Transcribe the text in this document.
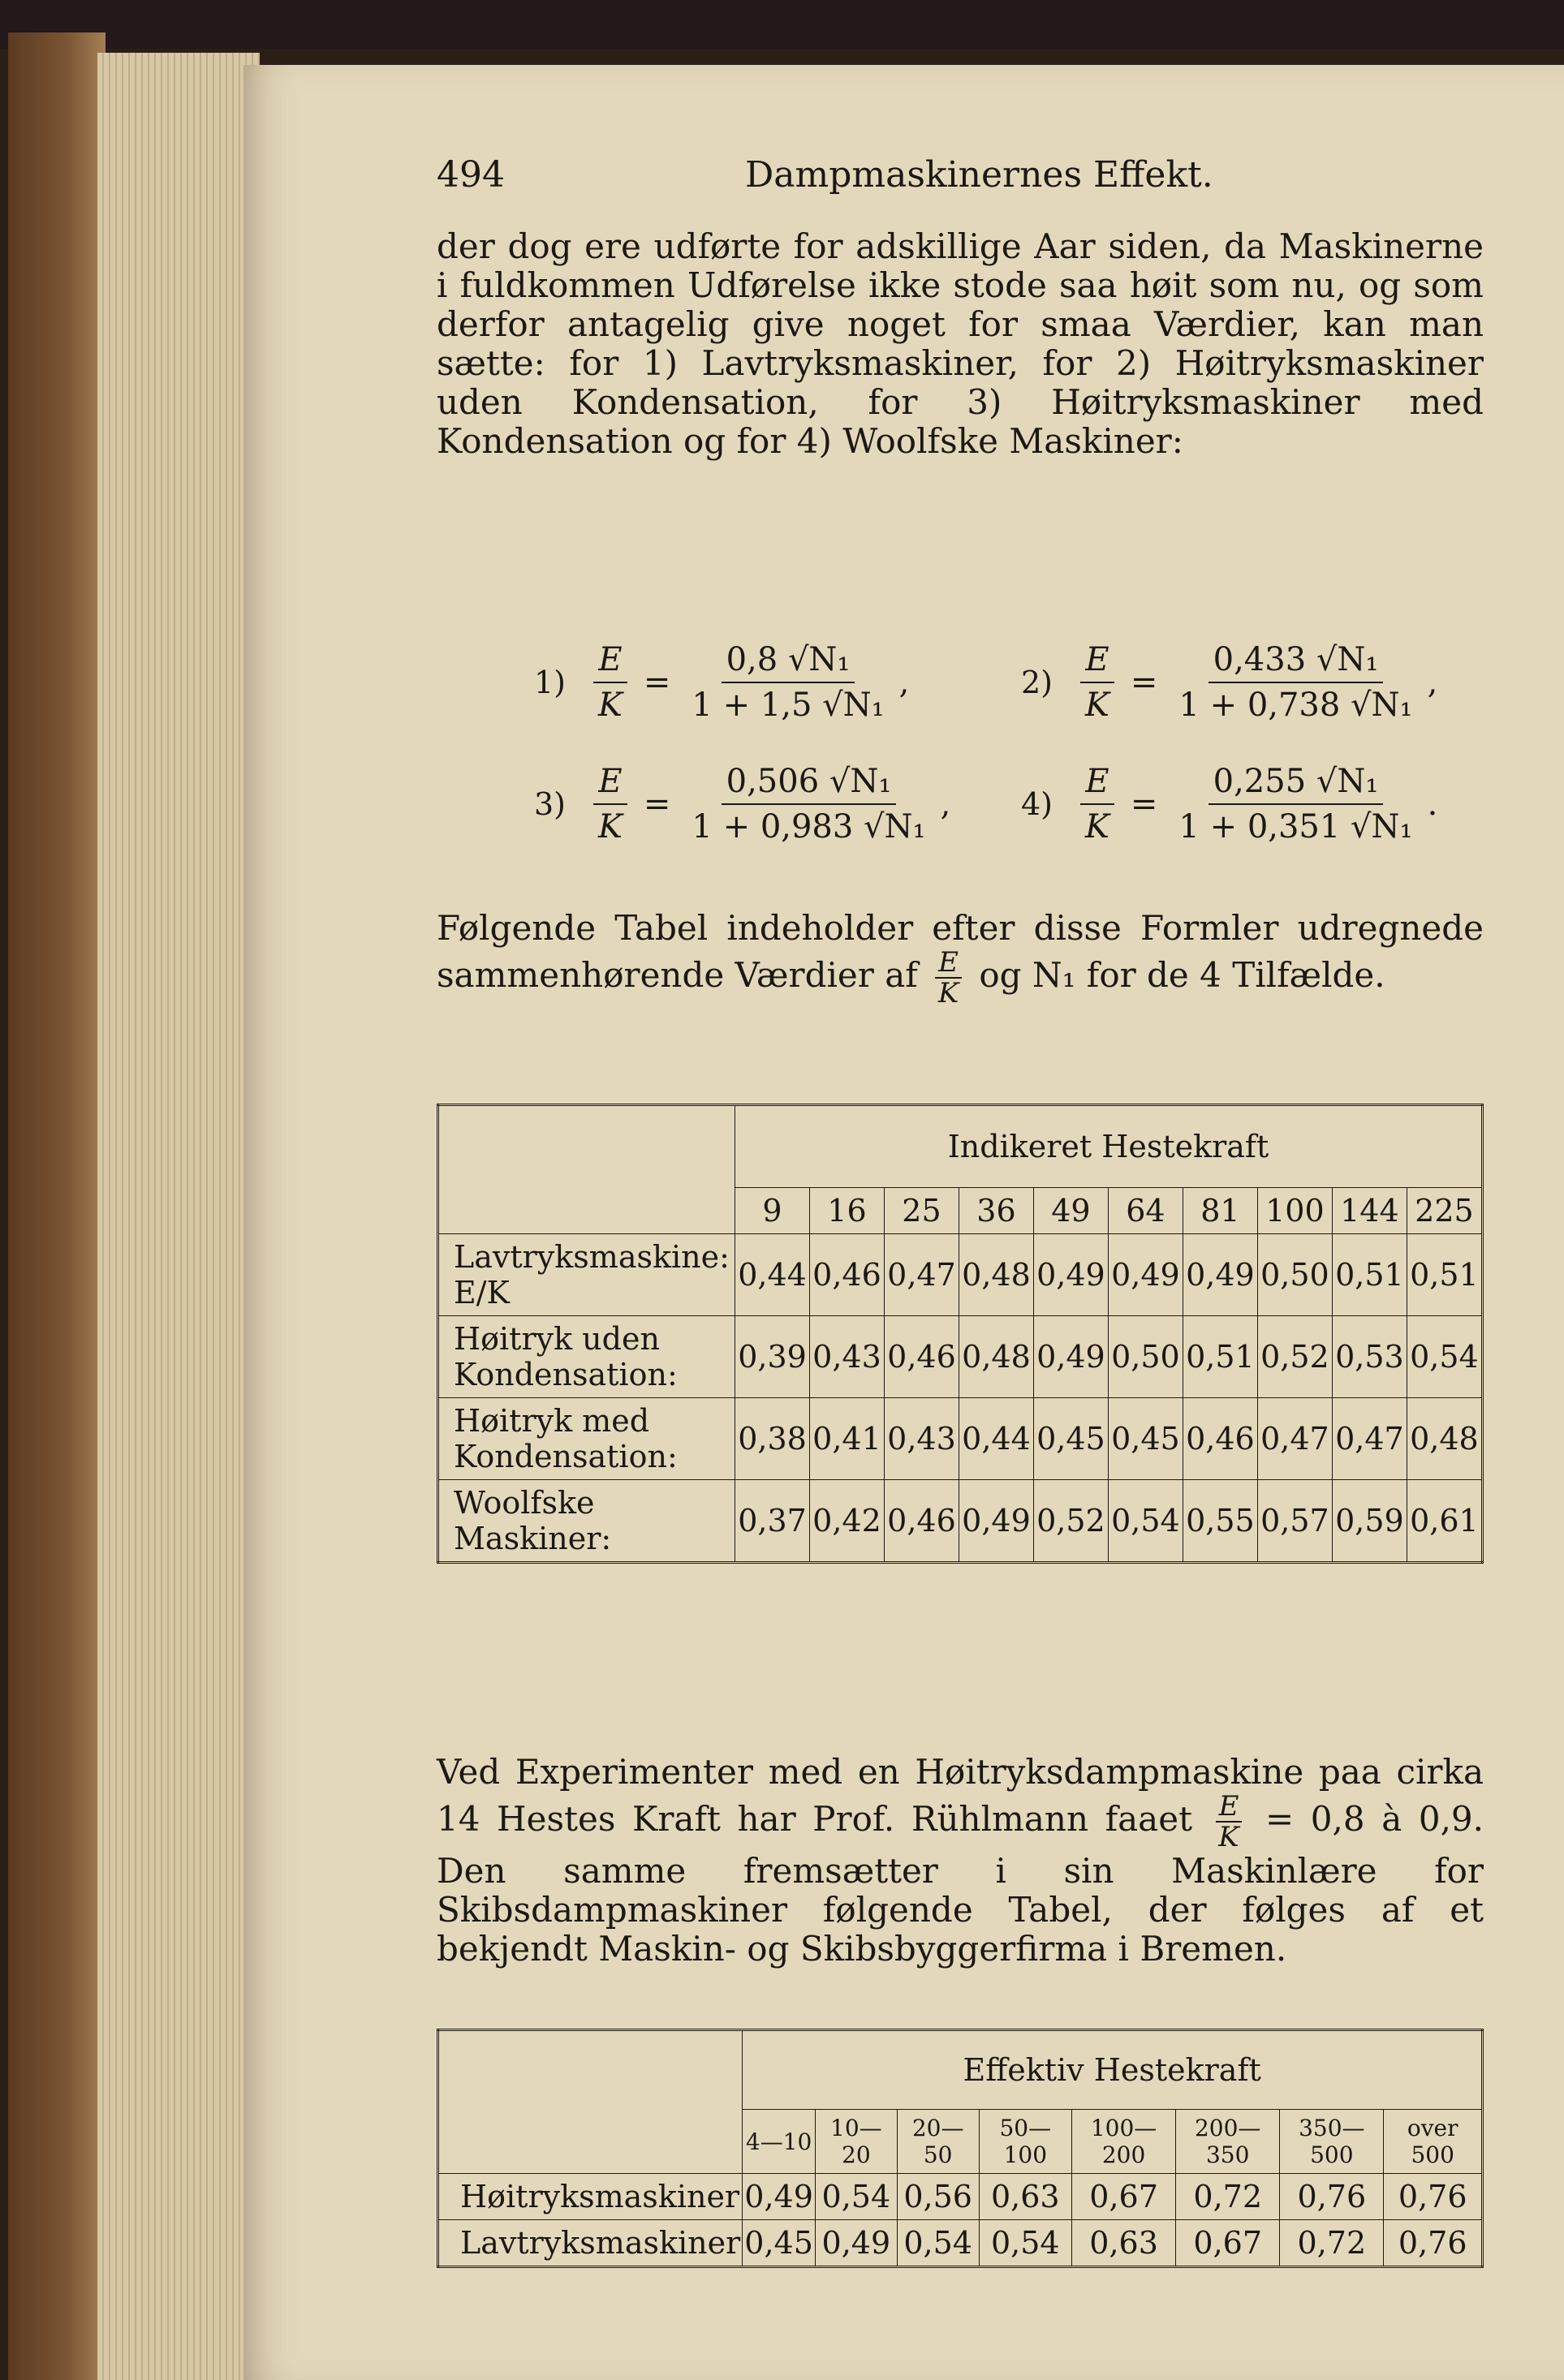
494	Dampmaskinernes Effekt.
der dog ere udførte for adskillige Aar siden, da Maskinerne i fuldkommen Udførelse ikke stode saa høit som nu, og som derfor antagelig give noget for smaa Værdier, kan man sætte: for 1) Lavtryksmaskiner, for 2) Høitryksmaskiner uden Kondensation, for 3) Høitryksmaskiner med Kondensation og for 4) Woolfske Maskiner:
$1) \frac{E}{K} = \frac{\text{0,8 √N₁}}{\text{1 + 1,5 √N₁}}$ ,	$2) \frac{E}{K} = \frac{\text{0,433 √N₁}}{\text{1 + 0,738 √N₁}}$ ,
$3) \frac{E}{K} = \frac{\text{0,506 √N₁}}{\text{1 + 0,983 √N₁}}$ , $4) \frac{E}{K} = \frac{\text{0,255 √N₁}}{\text{1 + 0,351 √N₁}}$ .
Følgende Tabel indeholder efter disse Formler udregnede sammenhørende Værdier af $\frac{E}{K}$ og N₁ for de 4 Tilfælde.
	Indikeret Hestekraft									
	9	16	25	36	49	64	81	100	144	225
Lavtryksmaskine: E/K	0,44	0,46	0,47	0,48	0,49	0,49	0,49	0,50	0,51	0,51
Høitryk uden Kondensation:	0,39	0,43	0,46	0,48	0,49	0,50	0,51	0,52	0,53	0,54
Høitryk med Kondensation:	0,38	0,41	0,43	0,44	0,45	0,45	0,46	0,47	0,47	0,48
Woolfske Maskiner:	0,37	0,42	0,46	0,49	0,52	0,54	0,55	0,57	0,59	0,61
Ved Experimenter med en Høitryksdampmaskine paa cirka 14 Hestes Kraft har Prof. Rühlmann faaet $\frac{E}{K} = 0,8$ à 0,9. Den samme fremsætter i sin Maskinlære for Skibsdampmaskiner følgende Tabel, der følges af et bekjendt Maskin- og Skibsbyggerfirma i Bremen.
	Effektiv Hestekraft							
	4—10	10—20	20—50	50—100	100—200	200—350	350—500	over 500
Høitryksmaskiner	0,49	0,54	0,56	0,63	0,67	0,72	0,76	0,76
Lavtryksmaskiner	0,45	0,49	0,54	0,54	0,63	0,67	0,72	0,76
